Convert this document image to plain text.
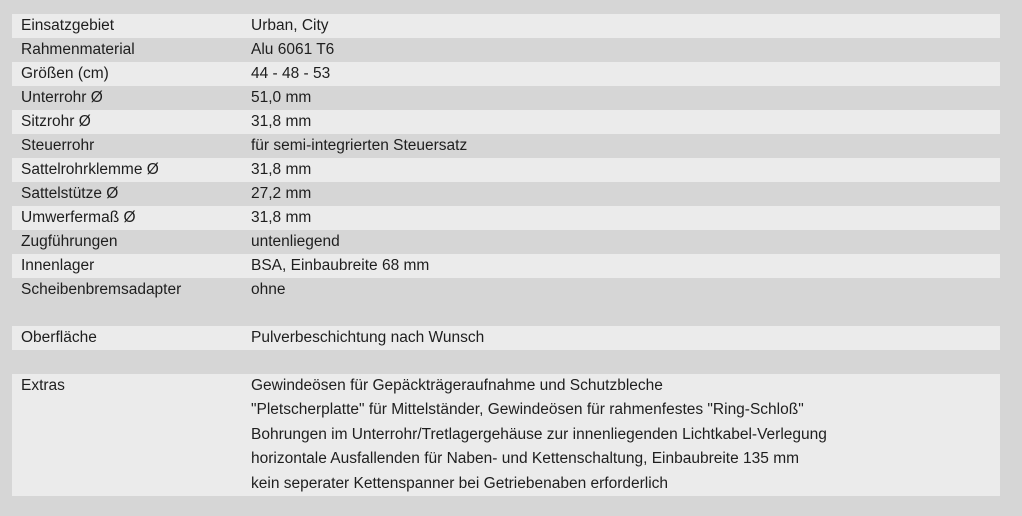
Einsatzgebiet	Urban, City
Rahmenmaterial	Alu 6061 T6
Größen (cm)	44 - 48 - 53
Unterrohr Ø	51,0 mm
Sitzrohr Ø	31,8 mm
Steuerrohr	für semi-integrierten Steuersatz
Sattelrohrklemme Ø	31,8 mm
Sattelstütze Ø	27,2 mm
Umwerfermaß Ø	31,8 mm
Zugführungen	untenliegend
Innenlager	BSA, Einbaubreite 68 mm
Scheibenbremsadapter	ohne
Oberfläche	Pulverbeschichtung nach Wunsch
Extras	Gewindeösen für Gepäckträgeraufnahme und Schutzbleche
"Pletscherplatte" für Mittelständer, Gewindeösen für rahmenfestes "Ring-Schloß"
Bohrungen im Unterrohr/Tretlagergehäuse zur innenliegenden Lichtkabel-Verlegung
horizontale Ausfallenden für Naben- und Kettenschaltung, Einbaubreite 135 mm
kein seperater Kettenspanner bei Getriebenaben erforderlich
